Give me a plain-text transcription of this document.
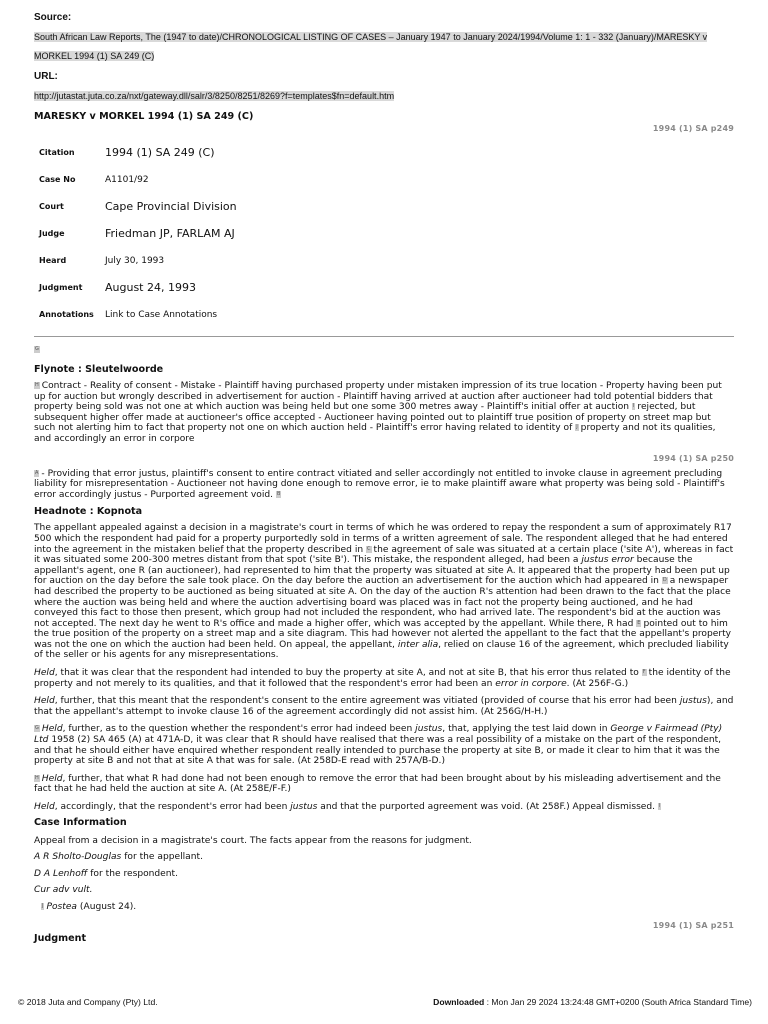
Source:
South African Law Reports, The (1947 to date)/CHRONOLOGICAL LISTING OF CASES – January 1947 to January 2024/1994/Volume 1: 1 - 332 (January)/MARESKY v MORKEL 1994 (1) SA 249 (C)
URL:
http://jutastat.juta.co.za/nxt/gateway.dll/salr/3/8250/8251/8269?f=templates$fn=default.htm
MARESKY v MORKEL 1994 (1) SA 249 (C)
1994 (1) SA p249
Citation	1994 (1) SA 249 (C)
Case No	A1101/92
Court	Cape Provincial Division
Judge	Friedman JP, FARLAM AJ
Heard	July 30, 1993
Judgment	August 24, 1993
Annotations	Link to Case Annotations
G
Flynote : Sleutelwoorde
H Contract - Reality of consent - Mistake - Plaintiff having purchased property under mistaken impression of its true location - Property having been put up for auction but wrongly described in advertisement for auction - Plaintiff having arrived at auction after auctioneer had told potential bidders that property being sold was not one at which auction was being held but one some 300 metres away - Plaintiff's initial offer at auction I rejected, but subsequent higher offer made at auctioneer's office accepted - Auctioneer having pointed out to plaintiff true position of property on street map but such not alerting him to fact that property not one on which auction held - Plaintiff's error having related to identity of J property and not its qualities, and accordingly an error in corpore
1994 (1) SA p250
A - Providing that error justus, plaintiff's consent to entire contract vitiated and seller accordingly not entitled to invoke clause in agreement precluding liability for misrepresentation - Auctioneer not having done enough to remove error, ie to make plaintiff aware what property was being sold - Plaintiff's error accordingly justus - Purported agreement void. B
Headnote : Kopnota
The appellant appealed against a decision in a magistrate's court in terms of which he was ordered to repay the respondent a sum of approximately R17 500 which the respondent had paid for a property purportedly sold in terms of a written agreement of sale. The respondent alleged that he had entered into the agreement in the mistaken belief that the property described in C the agreement of sale was situated at a certain place ('site A'), whereas in fact it was situated some 200-300 metres distant from that spot ('site B'). This mistake, the respondent alleged, had been a justus error because the appellant's agent, one R (an auctioneer), had represented to him that the property was situated at site A. It appeared that the property had been put up for auction on the day before the sale took place. On the day before the auction an advertisement for the auction which had appeared in D a newspaper had described the property to be auctioned as being situated at site A. On the day of the auction R's attention had been drawn to the fact that the place where the auction was being held and where the auction advertising board was placed was in fact not the property being auctioned, and he had conveyed this fact to those then present, which group had not included the respondent, who had arrived late. The respondent's bid at the auction was not accepted. The next day he went to R's office and made a higher offer, which was accepted by the appellant. While there, R had E pointed out to him the true position of the property on a street map and a site diagram. This had however not alerted the appellant to the fact that the appellant's property was not the one on which the auction had been held. On appeal, the appellant, inter alia, relied on clause 16 of the agreement, which precluded liability of the seller or his agents for any misrepresentations.
Held, that it was clear that the respondent had intended to buy the property at site A, and not at site B, that his error thus related to F the identity of the property and not merely to its qualities, and that it followed that the respondent's error had been an error in corpore. (At 256F-G.)
Held, further, that this meant that the respondent's consent to the entire agreement was vitiated (provided of course that his error had been justus), and that the appellant's attempt to invoke clause 16 of the agreement accordingly did not assist him. (At 256G/H-H.)
G Held, further, as to the question whether the respondent's error had indeed been justus, that, applying the test laid down in George v Fairmead (Pty) Ltd 1958 (2) SA 465 (A) at 471A-D, it was clear that R should have realised that there was a real possibility of a mistake on the part of the respondent, and that he should either have enquired whether respondent really intended to purchase the property at site B, or made it clear to him that it was the property at site B and not that at site A that was for sale. (At 258D-E read with 257A/B-D.)
H Held, further, that what R had done had not been enough to remove the error that had been brought about by his misleading advertisement and the fact that he had held the auction at site A. (At 258E/F-F.)
Held, accordingly, that the respondent's error had been justus and that the purported agreement was void. (At 258F.) Appeal dismissed. I
Case Information
Appeal from a decision in a magistrate's court. The facts appear from the reasons for judgment.
A R Sholto-Douglas for the appellant.
D A Lenhoff for the respondent.
Cur adv vult.
J Postea (August 24).
1994 (1) SA p251
Judgment
© 2018 Juta and Company (Pty) Ltd.	Downloaded : Mon Jan 29 2024 13:24:48 GMT+0200 (South Africa Standard Time)
